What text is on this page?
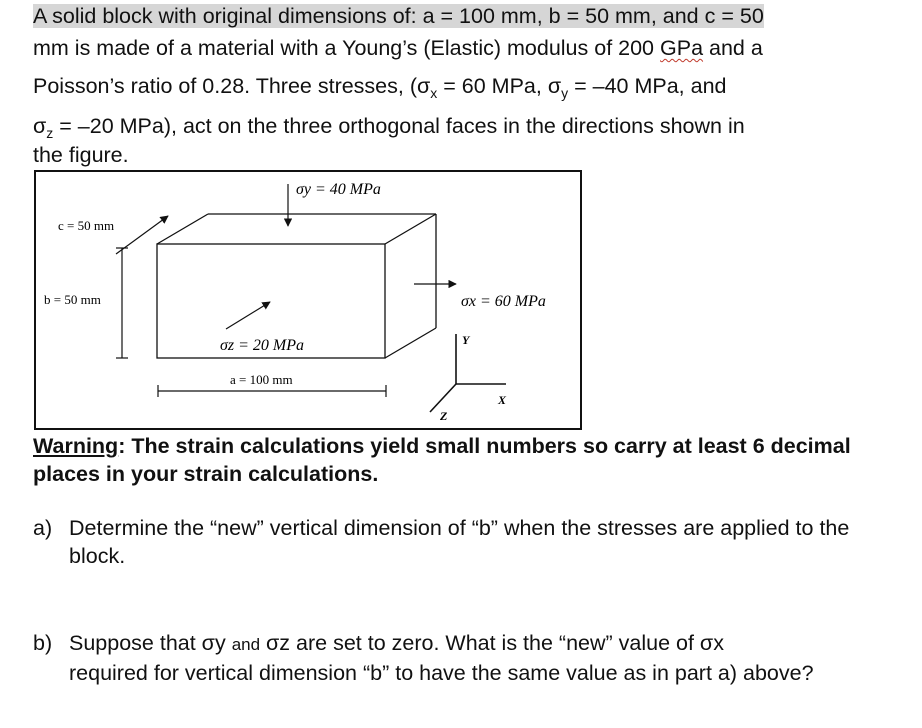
A solid block with original dimensions of: a = 100 mm, b = 50 mm, and c = 50
mm is made of a material with a Young’s (Elastic) modulus of 200 GPa and a
Poisson’s ratio of 0.28. Three stresses, ($\sigma_x = 60$ MPa, $\sigma_y = -40$ MPa, and
$\sigma_z = -20$ MPa), act on the three orthogonal faces in the directions shown in
the figure.
σy = 40 MPa
σx = 60 MPa
σz = 20 MPa
c = 50 mm
b = 50 mm
a = 100 mm
Y
X
Z
Warning: The strain calculations yield small numbers so carry at least 6 decimal places in your strain calculations.
a) Determine the “new” vertical dimension of “b” when the stresses are applied to the block.
b) Suppose that σy and σz are set to zero. What is the “new” value of σx
required for vertical dimension “b” to have the same value as in part a) above?
